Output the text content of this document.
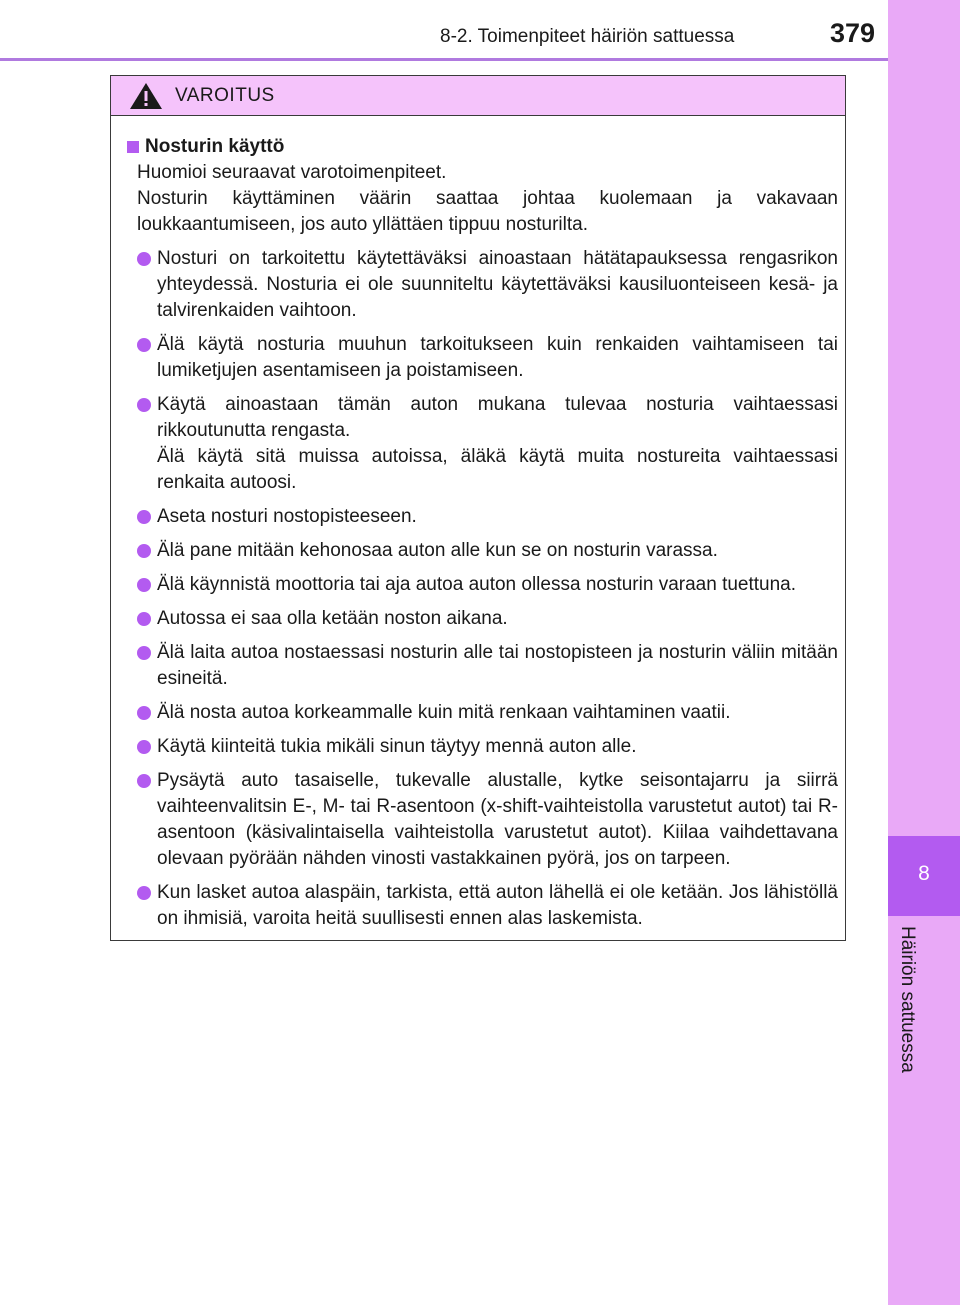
8-2. Toimenpiteet häiriön sattuessa	379
8
Häiriön sattuessa
VAROITUS
Nosturin käyttö

Huomioi seuraavat varotoimenpiteet.

Nosturin käyttäminen väärin saattaa johtaa kuolemaan ja vakavaan loukkaantumiseen, jos auto yllättäen tippuu nosturilta.

Nosturi on tarkoitettu käytettäväksi ainoastaan hätätapauksessa rengasrikon yhteydessä. Nosturia ei ole suunniteltu käytettäväksi kausiluonteiseen kesä- ja talvirenkaiden vaihtoon.

Älä käytä nosturia muuhun tarkoitukseen kuin renkaiden vaihtamiseen tai lumiketjujen asentamiseen ja poistamiseen.

Käytä ainoastaan tämän auton mukana tulevaa nosturia vaihtaessasi rikkoutunutta rengasta.

Älä käytä sitä muissa autoissa, äläkä käytä muita nostureita vaihtaessasi renkaita autoosi.

Aseta nosturi nostopisteeseen.

Älä pane mitään kehonosaa auton alle kun se on nosturin varassa.

Älä käynnistä moottoria tai aja autoa auton ollessa nosturin varaan tuettuna.

Autossa ei saa olla ketään noston aikana.

Älä laita autoa nostaessasi nosturin alle tai nostopisteen ja nosturin väliin mitään esineitä.

Älä nosta autoa korkeammalle kuin mitä renkaan vaihtaminen vaatii.

Käytä kiinteitä tukia mikäli sinun täytyy mennä auton alle.

Pysäytä auto tasaiselle, tukevalle alustalle, kytke seisontajarru ja siirrä vaihteenvalitsin E-, M- tai R-asentoon (x-shift-vaihteistolla varustetut autot) tai R-asentoon (käsivalintaisella vaihteistolla varustetut autot). Kiilaa vaihdettavana olevaan pyörään nähden vinosti vastakkainen pyörä, jos on tarpeen.

Kun lasket autoa alaspäin, tarkista, että auton lähellä ei ole ketään. Jos lähistöllä on ihmisiä, varoita heitä suullisesti ennen alas laskemista.
